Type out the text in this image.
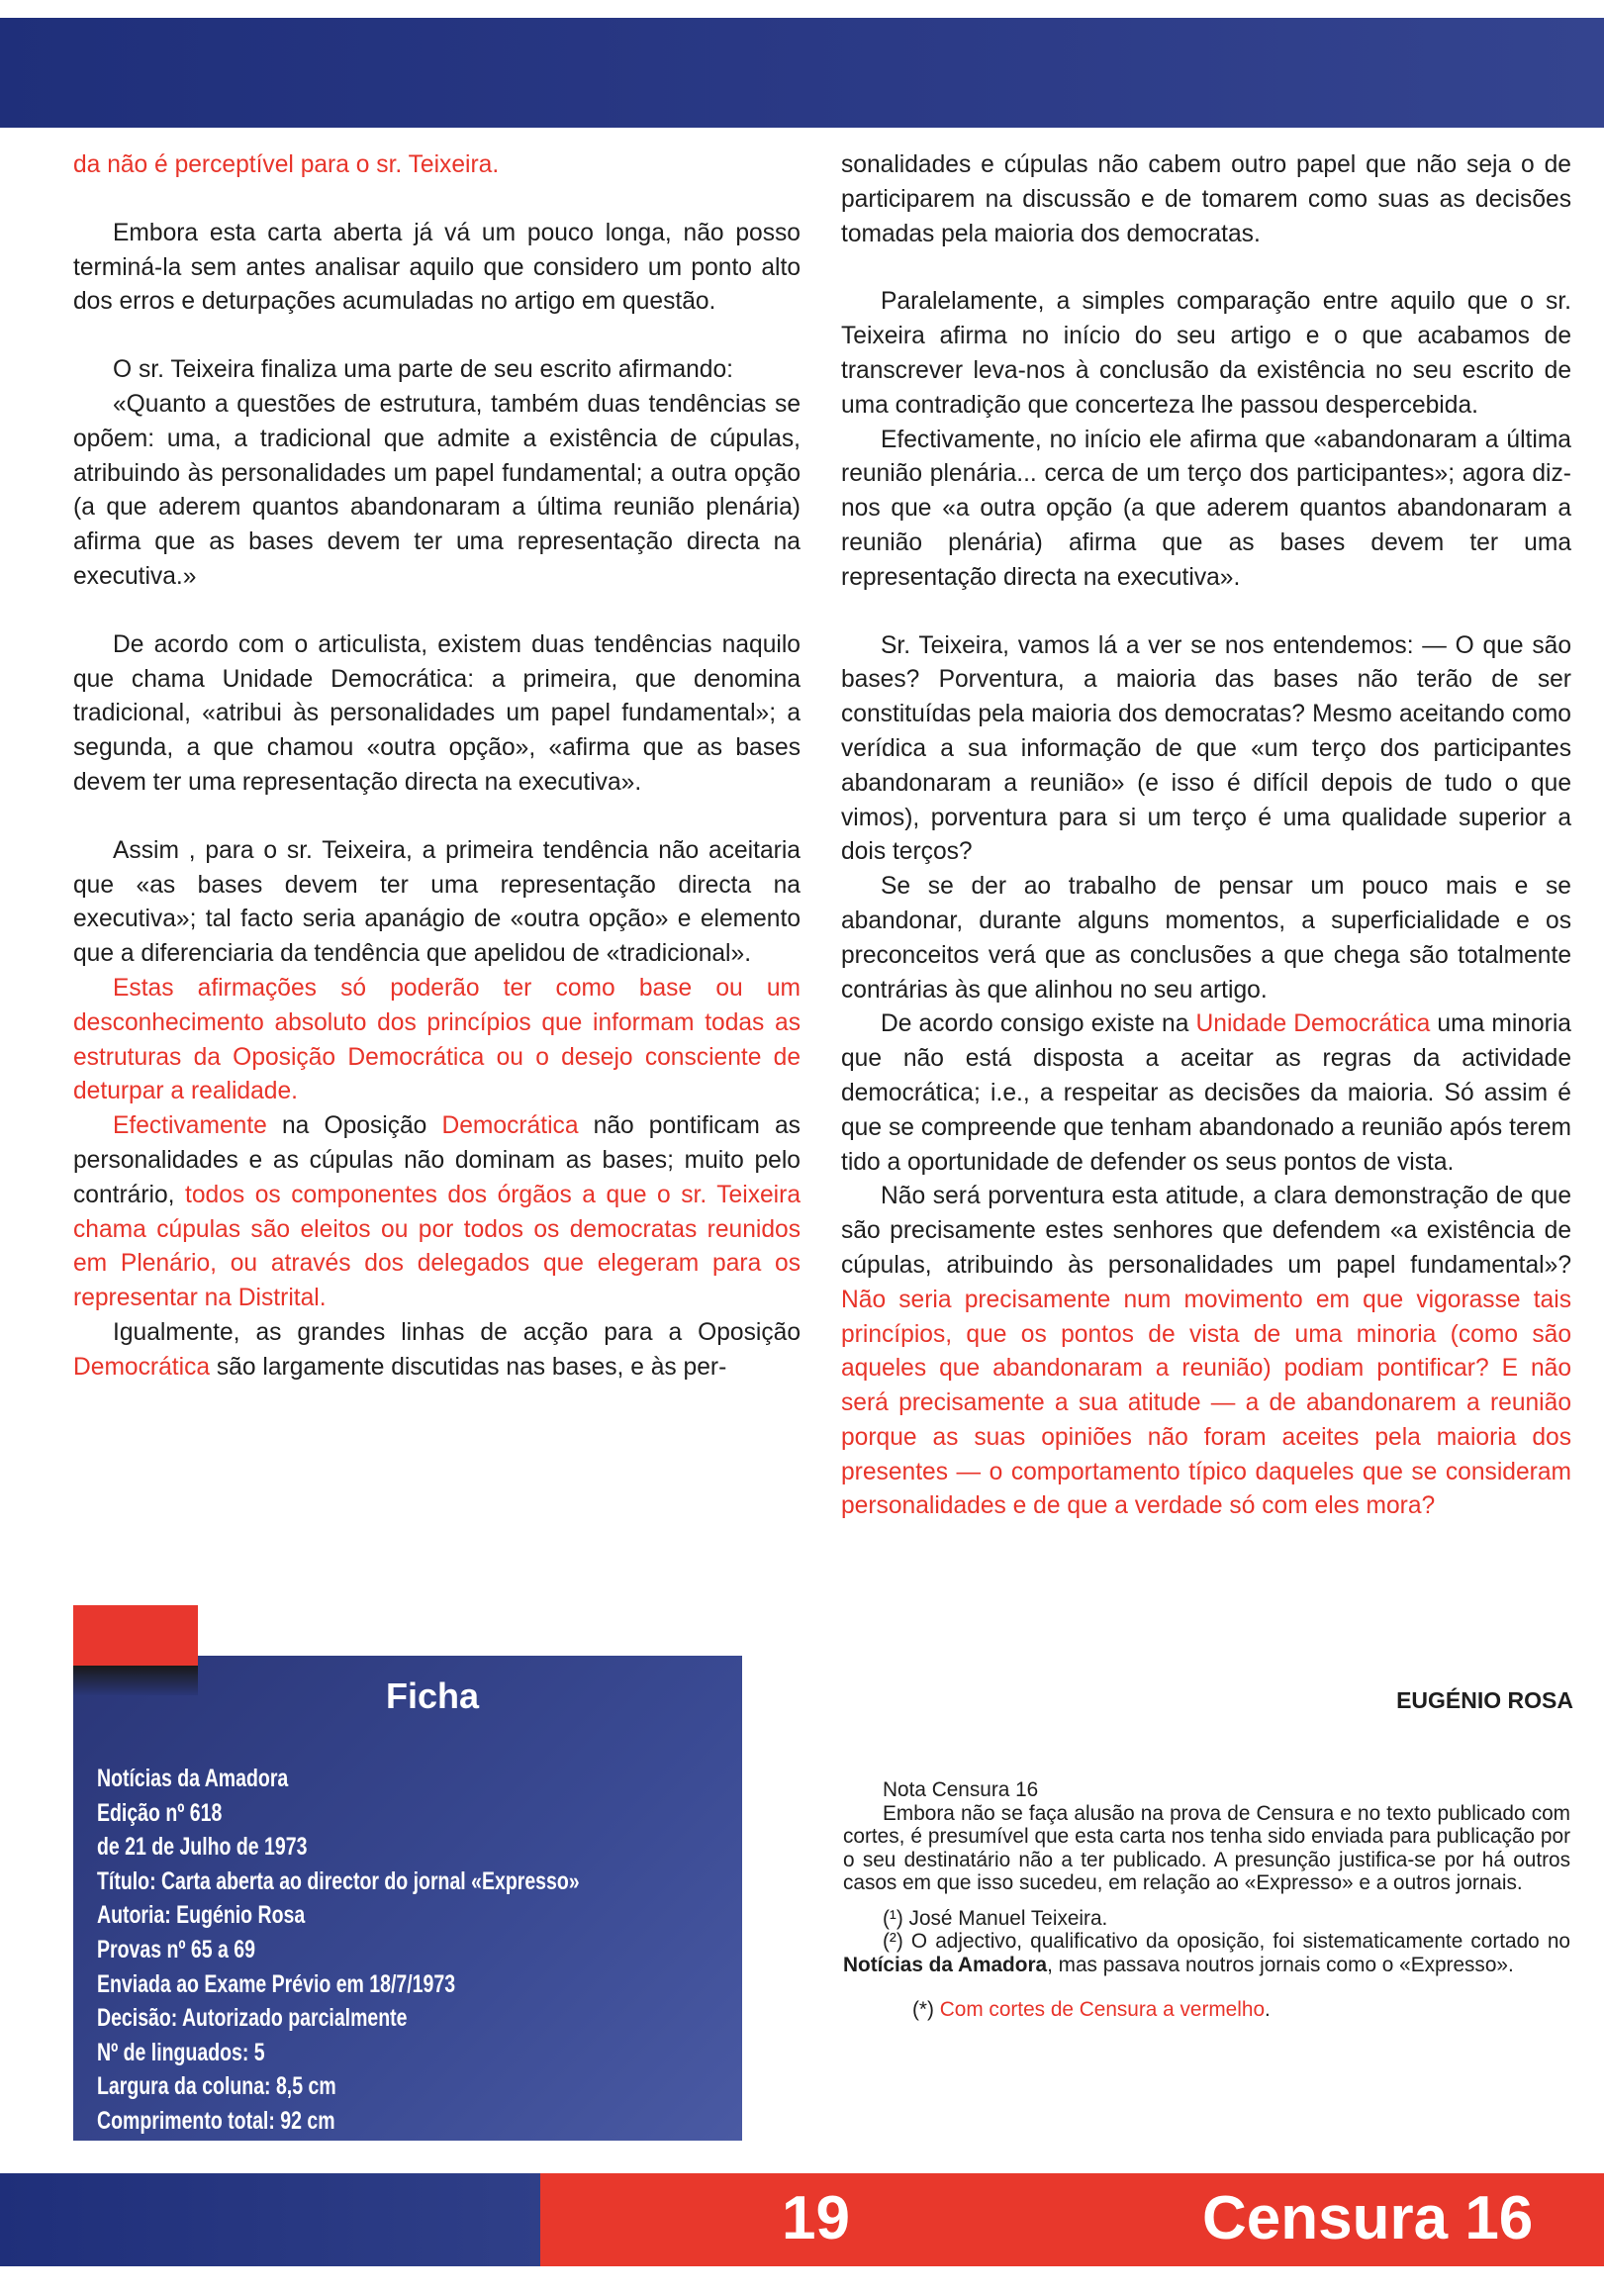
da não é perceptível para o sr. Teixeira.

Embora esta carta aberta já vá um pouco longa, não posso terminá-la sem antes analisar aquilo que considero um ponto alto dos erros e deturpações acumuladas no artigo em questão.

O sr. Teixeira finaliza uma parte de seu escrito afirmando:

«Quanto a questões de estrutura, também duas tendências se opõem: uma, a tradicional que admite a existência de cúpulas, atribuindo às personalidades um papel fundamental; a outra opção (a que aderem quantos abandonaram a última reunião plenária) afirma que as bases devem ter uma representação directa na executiva.»

De acordo com o articulista, existem duas tendências naquilo que chama Unidade Democrática: a primeira, que denomina tradicional, «atribui às personalidades um papel fundamental»; a segunda, a que chamou «outra opção», «afirma que as bases devem ter uma representação directa na executiva».

Assim , para o sr. Teixeira, a primeira tendência não aceitaria que «as bases devem ter uma representação directa na executiva»; tal facto seria apanágio de «outra opção» e elemento que a diferenciaria da tendência que apelidou de «tradicional».

Estas afirmações só poderão ter como base ou um desconhecimento absoluto dos princípios que informam todas as estruturas da Oposição Democrática ou o desejo consciente de deturpar a realidade.

Efectivamente na Oposição Democrática não pontificam as personalidades e as cúpulas não dominam as bases; muito pelo contrário, todos os componentes dos órgãos a que o sr. Teixeira chama cúpulas são eleitos ou por todos os democratas reunidos em Plenário, ou através dos delegados que elegeram para os representar na Distrital.

Igualmente, as grandes linhas de acção para a Oposição Democrática são largamente discutidas nas bases, e às per-

sonalidades e cúpulas não cabem outro papel que não seja o de participarem na discussão e de tomarem como suas as decisões tomadas pela maioria dos democratas.

Paralelamente, a simples comparação entre aquilo que o sr. Teixeira afirma no início do seu artigo e o que acabamos de transcrever leva-nos à conclusão da existência no seu escrito de uma contradição que concerteza lhe passou despercebida.

Efectivamente, no início ele afirma que «abandonaram a última reunião plenária... cerca de um terço dos participantes»; agora diz-nos que «a outra opção (a que aderem quantos abandonaram a reunião plenária) afirma que as bases devem ter uma representação directa na executiva».

Sr. Teixeira, vamos lá a ver se nos entendemos: — O que são bases? Porventura, a maioria das bases não terão de ser constituídas pela maioria dos democratas? Mesmo aceitando como verídica a sua informação de que «um terço dos participantes abandonaram a reunião» (e isso é difícil depois de tudo o que vimos), porventura para si um terço é uma qualidade superior a dois terços?

Se se der ao trabalho de pensar um pouco mais e se abandonar, durante alguns momentos, a superficialidade e os preconceitos verá que as conclusões a que chega são totalmente contrárias às que alinhou no seu artigo.

De acordo consigo existe na Unidade Democrática uma minoria que não está disposta a aceitar as regras da actividade democrática; i.e., a respeitar as decisões da maioria. Só assim é que se compreende que tenham abandonado a reunião após terem tido a oportunidade de defender os seus pontos de vista.

Não será porventura esta atitude, a clara demonstração de que são precisamente estes senhores que defendem «a existência de cúpulas, atribuindo às personalidades um papel fundamental»? Não seria precisamente num movimento em que vigorasse tais princípios, que os pontos de vista de uma minoria (como são aqueles que abandonaram a reunião) podiam pontificar? E não será precisamente a sua atitude — a de abandonarem a reunião porque as suas opiniões não foram aceites pela maioria dos presentes — o comportamento típico daqueles que se consideram personalidades e de que a verdade só com eles mora?

EUGÉNIO ROSA
Ficha
Notícias da Amadora
Edição nº 618
de 21 de Julho de 1973
Título: Carta aberta ao director do jornal «Expresso»
Autoria: Eugénio Rosa
Provas nº 65 a 69
Enviada ao Exame Prévio em 18/7/1973
Decisão: Autorizado parcialmente
Nº de linguados: 5
Largura da coluna: 8,5 cm
Comprimento total: 92 cm

Nota Censura 16

Embora não se faça alusão na prova de Censura e no texto publicado com cortes, é presumível que esta carta nos tenha sido enviada para publicação por o seu destinatário não a ter publicado. A presunção justifica-se por há outros casos em que isso sucedeu, em relação ao «Expresso» e a outros jornais.

(¹) José Manuel Teixeira.

(²) O adjectivo, qualificativo da oposição, foi sistematicamente cortado no Notícias da Amadora, mas passava noutros jornais como o «Expresso».

(*) Com cortes de Censura a vermelho.

19	Censura 16
